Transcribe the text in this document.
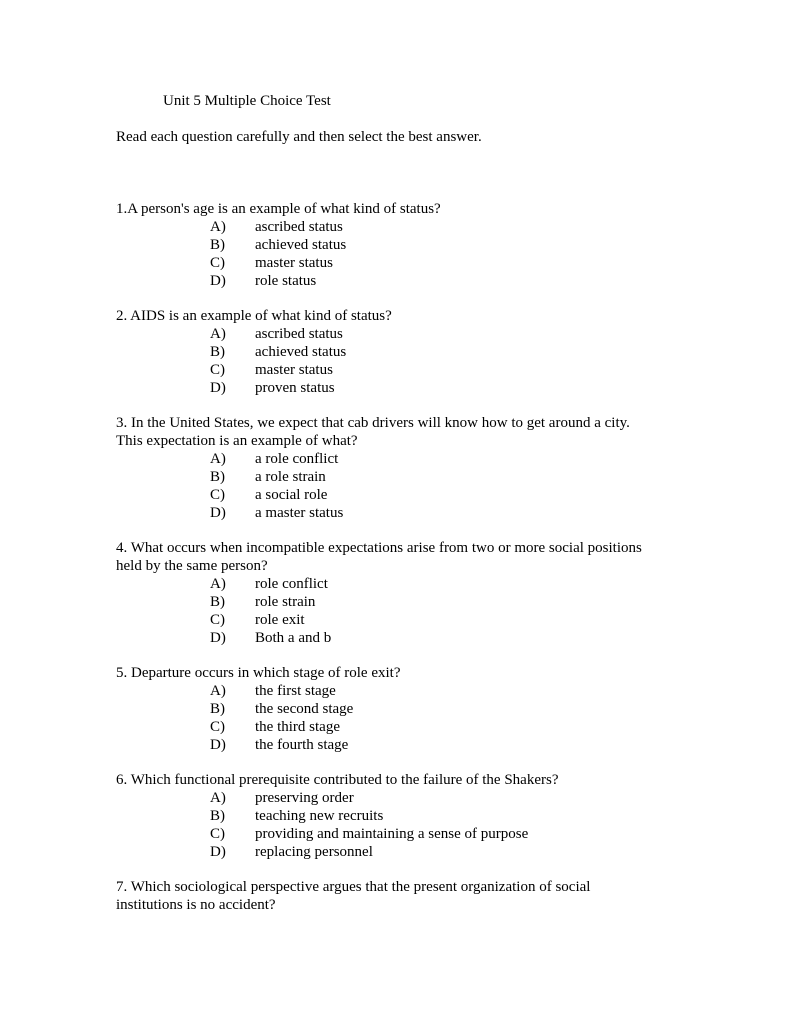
Unit 5 Multiple Choice Test
Read each question carefully and then select the best answer.
1.A person's age is an example of what kind of status?
A) ascribed status
B) achieved status
C) master status
D) role status
2. AIDS is an example of what kind of status?
A) ascribed status
B) achieved status
C) master status
D) proven status
3. In the United States, we expect that cab drivers will know how to get around a city.
This expectation is an example of what?
A) a role conflict
B) a role strain
C) a social role
D) a master status
4. What occurs when incompatible expectations arise from two or more social positions
held by the same person?
A) role conflict
B) role strain
C) role exit
D) Both a and b
5. Departure occurs in which stage of role exit?
A) the first stage
B) the second stage
C) the third stage
D) the fourth stage
6. Which functional prerequisite contributed to the failure of the Shakers?
A) preserving order
B) teaching new recruits
C) providing and maintaining a sense of purpose
D) replacing personnel
7. Which sociological perspective argues that the present organization of social
institutions is no accident?
